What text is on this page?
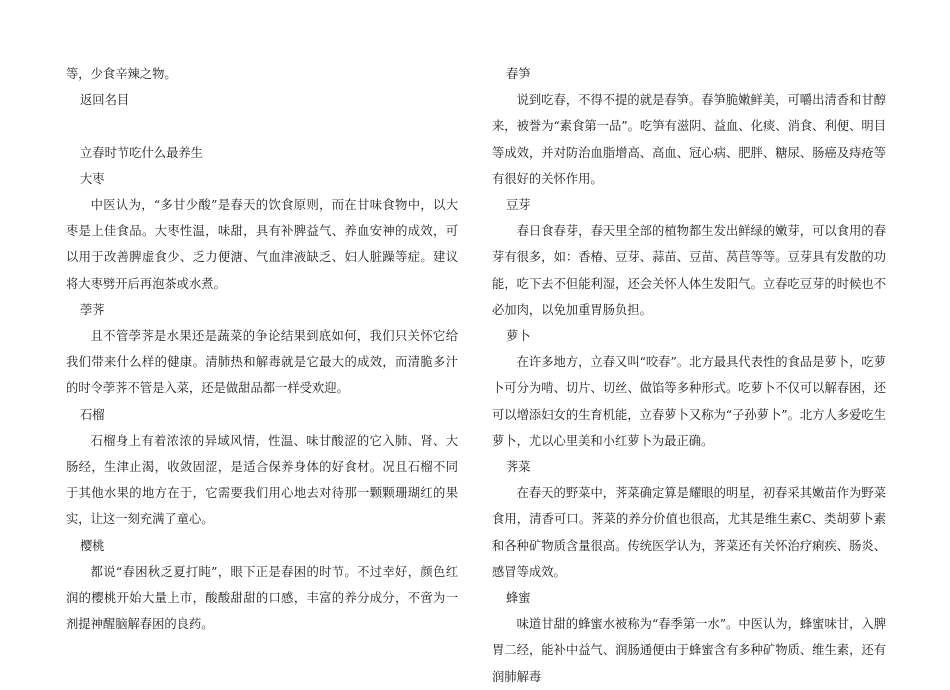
等，少食辛辣之物。

返回名目

立春时节吃什么最养生

大枣

中医认为，“多甘少酸”是春天的饮食原则，而在甘味食物中，以大枣是上佳食品。大枣性温，味甜，具有补脾益气、养血安神的成效，可以用于改善脾虚食少、乏力便溏、气血津液缺乏、妇人脏躁等症。建议将大枣劈开后再泡茶或水煮。

荸荠

且不管荸荠是水果还是蔬菜的争论结果到底如何，我们只关怀它给我们带来什么样的健康。清肺热和解毒就是它最大的成效，而清脆多汁的时令荸荠不管是入菜，还是做甜品都一样受欢迎。

石榴

石榴身上有着浓浓的异域风情，性温、味甘酸涩的它入肺、肾、大肠经，生津止渴，收敛固涩，是适合保养身体的好食材。况且石榴不同于其他水果的地方在于，它需要我们用心地去对待那一颗颗珊瑚红的果实，让这一刻充满了童心。

樱桃

都说“春困秋乏夏打盹”，眼下正是春困的时节。不过幸好，颜色红润的樱桃开始大量上市，酸酸甜甜的口感，丰富的养分成分，不啻为一剂提神醒脑解春困的良药。

春笋

说到吃春，不得不提的就是春笋。春笋脆嫩鲜美，可嚼出清香和甘醇来，被誉为“素食第一品”。吃笋有滋阴、益血、化痰、消食、利便、明目等成效，并对防治血脂增高、高血、冠心病、肥胖、糖尿、肠癌及痔疮等有很好的关怀作用。

豆芽

春日食春芽，春天里全部的植物都生发出鲜绿的嫩芽，可以食用的春芽有很多，如：香椿、豆芽、蒜苗、豆苗、莴苣等等。豆芽具有发散的功能，吃下去不但能利湿，还会关怀人体生发阳气。立春吃豆芽的时候也不必加肉，以免加重胃肠负担。

萝卜

在许多地方，立春又叫“咬春”。北方最具代表性的食品是萝卜，吃萝卜可分为啃、切片、切丝、做馅等多种形式。吃萝卜不仅可以解春困，还可以增添妇女的生育机能，立春萝卜又称为“子孙萝卜”。北方人多爱吃生萝卜，尤以心里美和小红萝卜为最正确。

荠菜

在春天的野菜中，荠菜确定算是耀眼的明星，初春采其嫩苗作为野菜食用，清香可口。荠菜的养分价值也很高，尤其是维生素C、类胡萝卜素和各种矿物质含量很高。传统医学认为，荠菜还有关怀治疗痢疾、肠炎、感冒等成效。

蜂蜜

味道甘甜的蜂蜜水被称为“春季第一水”。中医认为，蜂蜜味甘，入脾胃二经，能补中益气、润肠通便由于蜂蜜含有多种矿物质、维生素，还有润肺解毒
